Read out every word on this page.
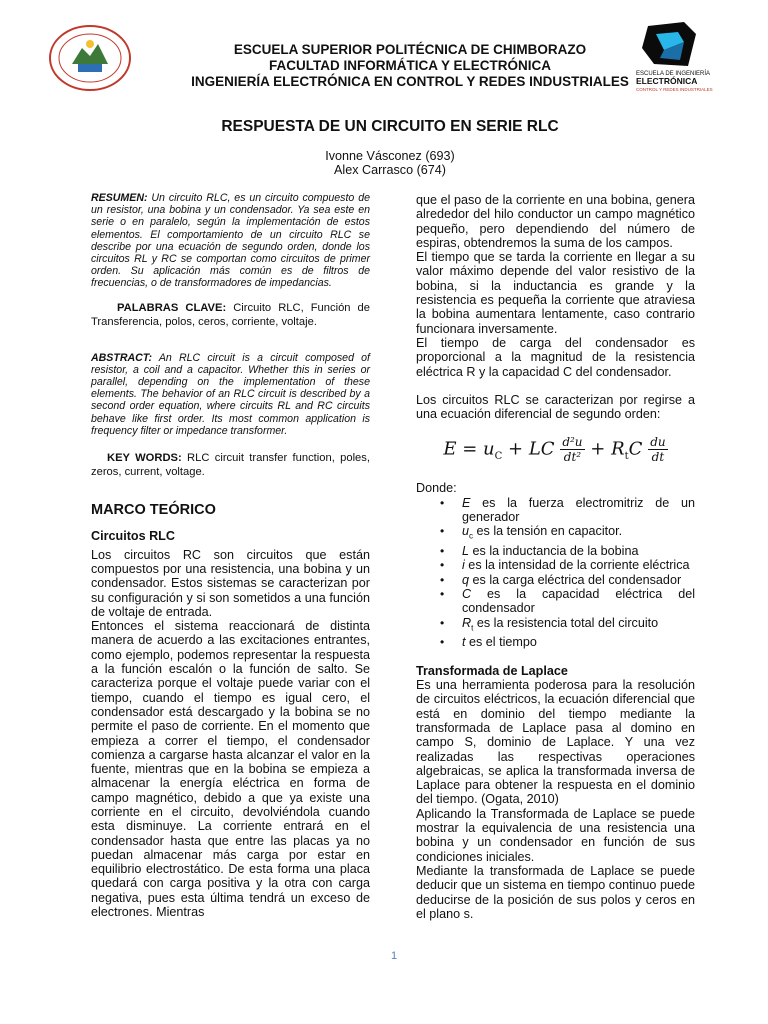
ESCUELA DE INGENIERÍA
ELECTRÓNICA
CONTROL Y REDES INDUSTRIALES
ESCUELA SUPERIOR POLITÉCNICA DE CHIMBORAZO
FACULTAD INFORMÁTICA Y ELECTRÓNICA
INGENIERÍA ELECTRÓNICA EN CONTROL Y REDES INDUSTRIALES
RESPUESTA DE UN CIRCUITO EN SERIE RLC
Ivonne Vásconez (693)
Alex Carrasco (674)

RESUMEN: Un circuito RLC, es un circuito compuesto de un resistor, una bobina y un condensador. Ya sea este en serie o en paralelo, según la implementación de estos elementos. El comportamiento de un circuito RLC se describe por una ecuación de segundo orden, donde los circuitos RL y RC se comportan como circuitos de primer orden. Su aplicación más común es de filtros de frecuencias, o de transformadores de impedancias.

PALABRAS CLAVE: Circuito RLC, Función de Transferencia, polos, ceros, corriente, voltaje.

ABSTRACT: An RLC circuit is a circuit composed of resistor, a coil and a capacitor. Whether this in series or parallel, depending on the implementation of these elements. The behavior of an RLC circuit is described by a second order equation, where circuits RL and RC circuits behave like first order. Its most common application is frequency filter or impedance transformer.

KEY WORDS: RLC circuit transfer function, poles, zeros, current, voltage.

MARCO TEÓRICO
Circuitos RLC

Los circuitos RC son circuitos que están compuestos por una resistencia, una bobina y un condensador. Estos sistemas se caracterizan por su configuración y si son sometidos a una función de voltaje de entrada.

Entonces el sistema reaccionará de distinta manera de acuerdo a las excitaciones entrantes, como ejemplo, podemos representar la respuesta a la función escalón o la función de salto. Se caracteriza porque el voltaje puede variar con el tiempo, cuando el tiempo es igual cero, el condensador está descargado y la bobina se no permite el paso de corriente. En el momento que empieza a correr el tiempo, el condensador comienza a cargarse hasta alcanzar el valor en la fuente, mientras que en la bobina se empieza a almacenar la energía eléctrica en forma de campo magnético, debido a que ya existe una corriente en el circuito, devolviéndola cuando esta disminuye. La corriente entrará en el condensador hasta que entre las placas ya no puedan almacenar más carga por estar en equilibrio electrostático. De esta forma una placa quedará con carga positiva y la otra con carga negativa, pues esta última tendrá un exceso de electrones. Mientras

que el paso de la corriente en una bobina, genera alrededor del hilo conductor un campo magnético pequeño, pero dependiendo del número de espiras, obtendremos la suma de los campos.

El tiempo que se tarda la corriente en llegar a su valor máximo depende del valor resistivo de la bobina, si la inductancia es grande y la resistencia es pequeña la corriente que atraviesa la bobina aumentara lentamente, caso contrario funcionara inversamente.

El tiempo de carga del condensador es proporcional a la magnitud de la resistencia eléctrica R y la capacidad C del condensador.

Los circuitos RLC se caracterizan por regirse a una ecuación diferencial de segundo orden:

$E = u_C$ + LC $\frac{\text{d²u}}{\text{dt²}} + R_tC \frac{du}{dt}$

Donde:

• E es la fuerza electromitriz de un generador
• $u_c$ es la tensión en capacitor.
• L es la inductancia de la bobina
• i es la intensidad de la corriente eléctrica
• q es la carga eléctrica del condensador
• C es la capacidad eléctrica del condensador
• $R_t$ es la resistencia total del circuito
• t es el tiempo
Transformada de Laplace

Es una herramienta poderosa para la resolución de circuitos eléctricos, la ecuación diferencial que está en dominio del tiempo mediante la transformada de Laplace pasa al domino en campo S, dominio de Laplace. Y una vez realizadas las respectivas operaciones algebraicas, se aplica la transformada inversa de Laplace para obtener la respuesta en el dominio del tiempo. (Ogata, 2010)

Aplicando la Transformada de Laplace se puede mostrar la equivalencia de una resistencia una bobina y un condensador en función de sus condiciones iniciales.

Mediante la transformada de Laplace se puede deducir que un sistema en tiempo continuo puede deducirse de la posición de sus polos y ceros en el plano s.

1
